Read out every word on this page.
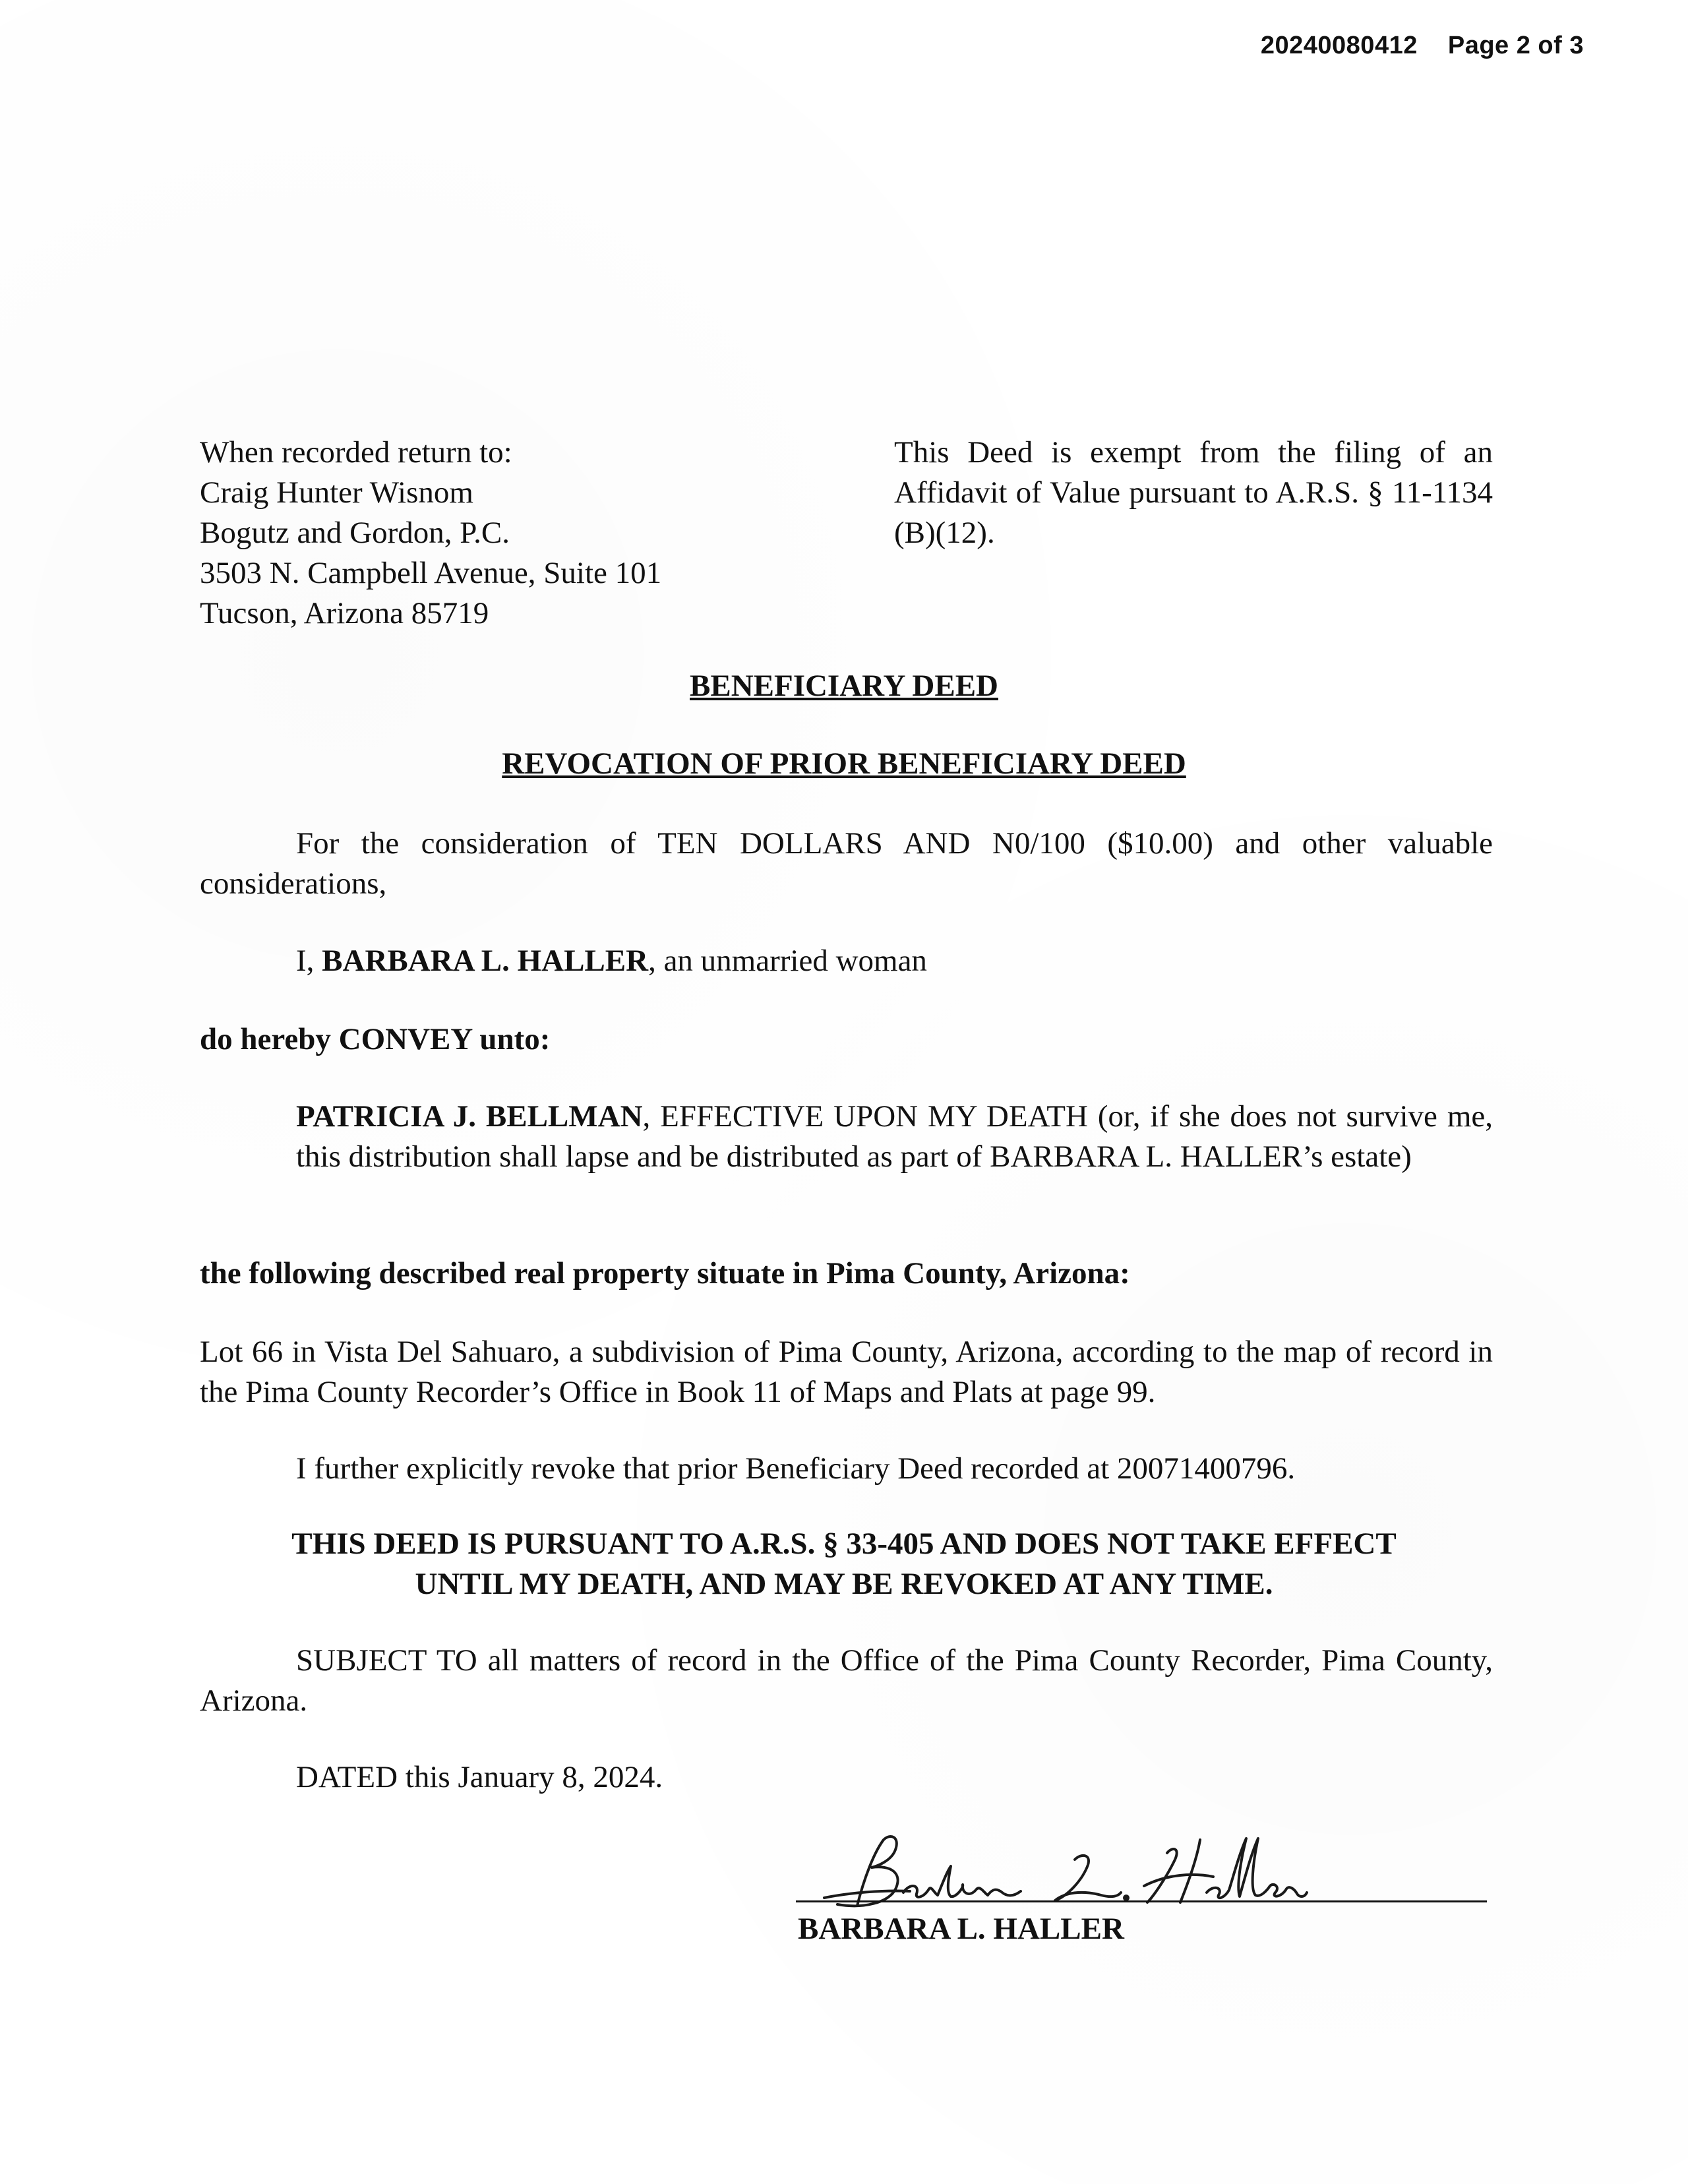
20240080412 Page 2 of 3
When recorded return to:
Craig Hunter Wisnom
Bogutz and Gordon, P.C.
3503 N. Campbell Avenue, Suite 101
Tucson, Arizona 85719
This Deed is exempt from the filing of an Affidavit of Value pursuant to A.R.S. § 11-1134 (B)(12).
BENEFICIARY DEED
REVOCATION OF PRIOR BENEFICIARY DEED
For the consideration of TEN DOLLARS AND N0/100 ($10.00) and other valuable considerations,
I, BARBARA L. HALLER, an unmarried woman
do hereby CONVEY unto:
PATRICIA J. BELLMAN, EFFECTIVE UPON MY DEATH (or, if she does not survive me, this distribution shall lapse and be distributed as part of BARBARA L. HALLER’s estate)
the following described real property situate in Pima County, Arizona:
Lot 66 in Vista Del Sahuaro, a subdivision of Pima County, Arizona, according to the map of record in the Pima County Recorder’s Office in Book 11 of Maps and Plats at page 99.
I further explicitly revoke that prior Beneficiary Deed recorded at 20071400796.
THIS DEED IS PURSUANT TO A.R.S. § 33-405 AND DOES NOT TAKE EFFECT
UNTIL MY DEATH, AND MAY BE REVOKED AT ANY TIME.
SUBJECT TO all matters of record in the Office of the Pima County Recorder, Pima County, Arizona.
DATED this January 8, 2024.
BARBARA L. HALLER
